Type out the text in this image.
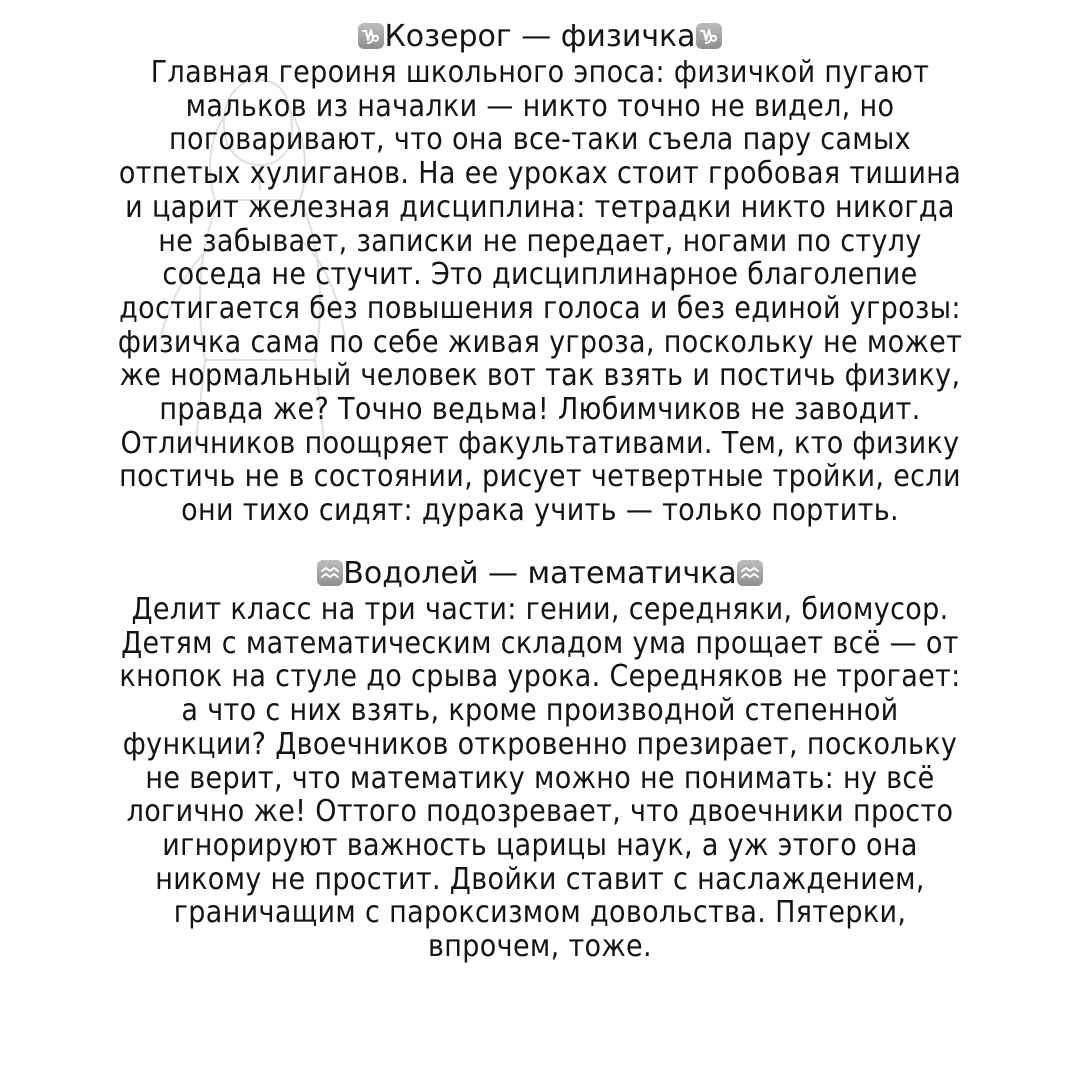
Козерог — физичка
Главная героиня школьного эпоса: физичкой пугают
мальков из началки — никто точно не видел, но
поговаривают, что она все-таки съела пару самых
отпетых хулиганов. На ее уроках стоит гробовая тишина
и царит железная дисциплина: тетрадки никто никогда
не забывает, записки не передает, ногами по стулу
соседа не стучит. Это дисциплинарное благолепие
достигается без повышения голоса и без единой угрозы:
физичка сама по себе живая угроза, поскольку не может
же нормальный человек вот так взять и постичь физику,
правда же? Точно ведьма! Любимчиков не заводит.
Отличников поощряет факультативами. Тем, кто физику
постичь не в состоянии, рисует четвертные тройки, если
они тихо сидят: дурака учить — только портить.
Водолей — математичка
Делит класс на три части: гении, середняки, биомусор.
Детям с математическим складом ума прощает всё — от
кнопок на стуле до срыва урока. Середняков не трогает:
а что с них взять, кроме производной степенной
функции? Двоечников откровенно презирает, поскольку
не верит, что математику можно не понимать: ну всё
логично же! Оттого подозревает, что двоечники просто
игнорируют важность царицы наук, а уж этого она
никому не простит. Двойки ставит с наслаждением,
граничащим с пароксизмом довольства. Пятерки,
впрочем, тоже.
